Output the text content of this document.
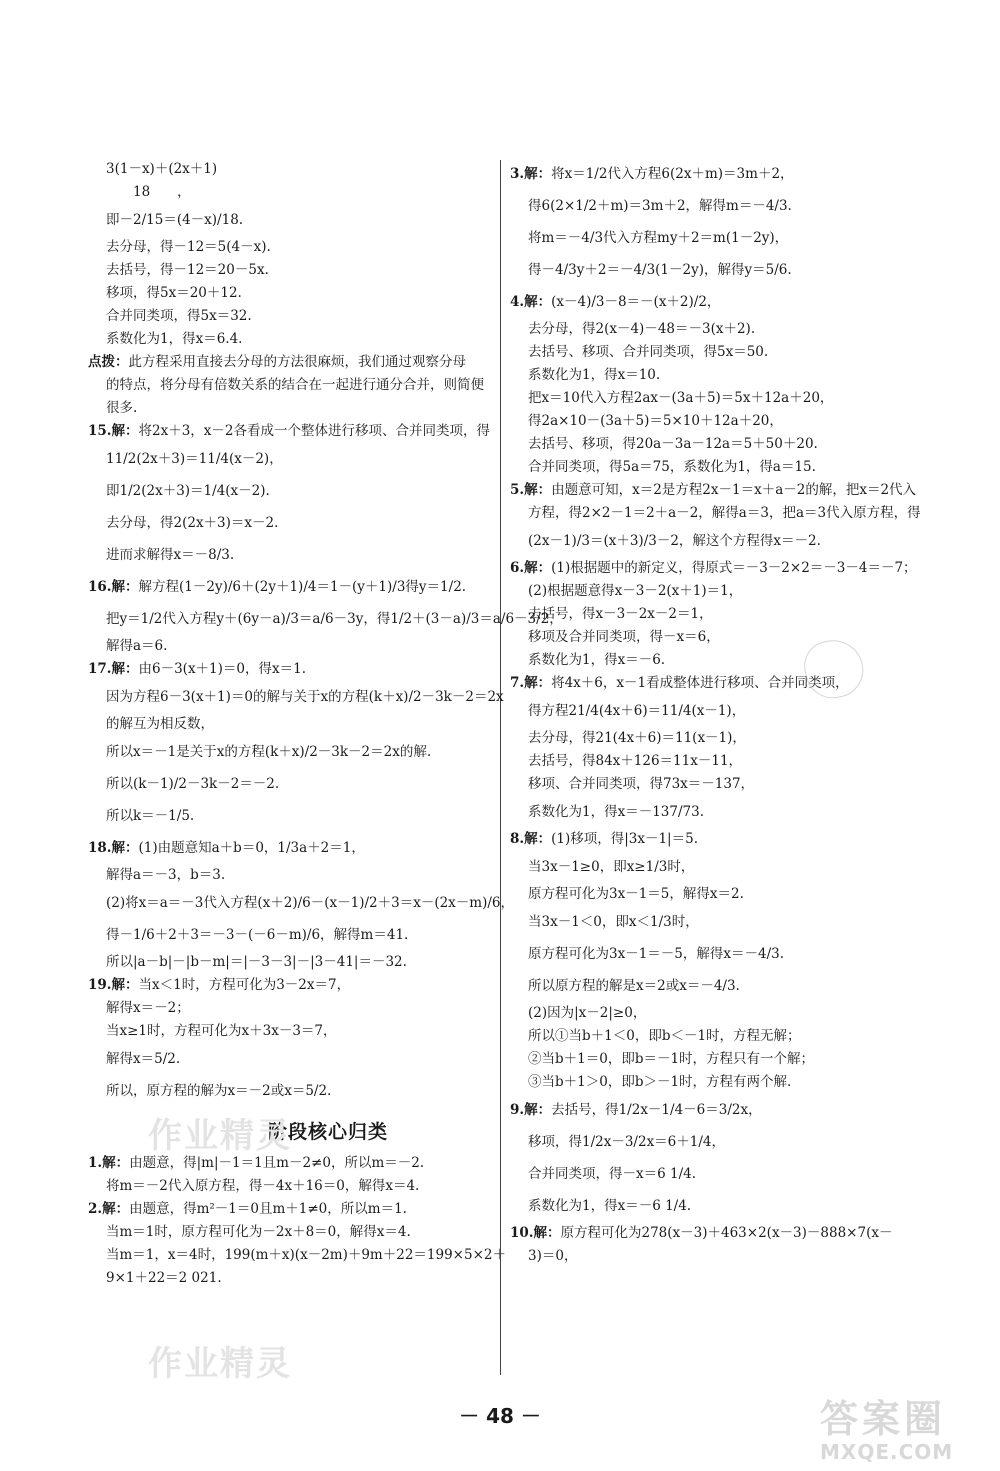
3(1－x)＋(2x＋1)
　　18　　，
即－2/15＝(4－x)/18.
去分母，得－12＝5(4－x).
去括号，得－12＝20－5x.
移项，得5x＝20＋12.
合并同类项，得5x＝32.
系数化为1，得x＝6.4.
点拨：此方程采用直接去分母的方法很麻烦，我们通过观察分母
的特点，将分母有倍数关系的结合在一起进行通分合并，则简便
很多.
15.解：将2x＋3，x－2各看成一个整体进行移项、合并同类项，得
11/2(2x＋3)＝11/4(x－2)，
即1/2(2x＋3)＝1/4(x－2).
去分母，得2(2x＋3)＝x－2.
进而求解得x＝－8/3.
16.解：解方程(1－2y)/6＋(2y＋1)/4＝1－(y＋1)/3得y＝1/2.
把y＝1/2代入方程y＋(6y－a)/3＝a/6－3y，得1/2＋(3－a)/3＝a/6－3/2，
解得a＝6.
17.解：由6－3(x＋1)＝0，得x＝1.
因为方程6－3(x＋1)＝0的解与关于x的方程(k＋x)/2－3k－2＝2x
的解互为相反数，
所以x＝－1是关于x的方程(k＋x)/2－3k－2＝2x的解.
所以(k－1)/2－3k－2＝－2.
所以k＝－1/5.
18.解：(1)由题意知a＋b＝0，1/3a＋2＝1，
解得a＝－3，b＝3.
(2)将x＝a＝－3代入方程(x＋2)/6－(x－1)/2＋3＝x－(2x－m)/6，
得－1/6＋2＋3＝－3－(－6－m)/6，解得m＝41.
所以|a－b|－|b－m|＝|－3－3|－|3－41|＝－32.
19.解：当x＜1时，方程可化为3－2x＝7，
解得x＝－2；
当x≥1时，方程可化为x＋3x－3＝7，
解得x＝5/2.
所以，原方程的解为x＝－2或x＝5/2.
阶段核心归类
1.解：由题意，得|m|－1＝1且m－2≠0，所以m＝－2.
将m＝－2代入原方程，得－4x＋16＝0，解得x＝4.
2.解：由题意，得m²－1＝0且m＋1≠0，所以m＝1.
当m＝1时，原方程可化为－2x＋8＝0，解得x＝4.
当m＝1，x＝4时，199(m＋x)(x－2m)＋9m＋22＝199×5×2＋
9×1＋22＝2 021.
3.解：将x＝1/2代入方程6(2x＋m)＝3m＋2，
得6(2×1/2＋m)＝3m＋2，解得m＝－4/3.
将m＝－4/3代入方程my＋2＝m(1－2y)，
得－4/3y＋2＝－4/3(1－2y)，解得y＝5/6.
4.解：(x－4)/3－8＝－(x＋2)/2，
去分母，得2(x－4)－48＝－3(x＋2).
去括号、移项、合并同类项，得5x＝50.
系数化为1，得x＝10.
把x＝10代入方程2ax－(3a＋5)＝5x＋12a＋20，
得2a×10－(3a＋5)＝5×10＋12a＋20，
去括号、移项，得20a－3a－12a＝5＋50＋20.
合并同类项，得5a＝75，系数化为1，得a＝15.
5.解：由题意可知，x＝2是方程2x－1＝x＋a－2的解，把x＝2代入
方程，得2×2－1＝2＋a－2，解得a＝3，把a＝3代入原方程，得
(2x－1)/3＝(x＋3)/3－2，解这个方程得x＝－2.
6.解：(1)根据题中的新定义，得原式＝－3－2×2＝－3－4＝－7；
(2)根据题意得x－3－2(x＋1)＝1，
去括号，得x－3－2x－2＝1，
移项及合并同类项，得－x＝6，
系数化为1，得x＝－6.
7.解：将4x＋6，x－1看成整体进行移项、合并同类项，
得方程21/4(4x＋6)＝11/4(x－1)，
去分母，得21(4x＋6)＝11(x－1)，
去括号，得84x＋126＝11x－11，
移项、合并同类项，得73x＝－137，
系数化为1，得x＝－137/73.
8.解：(1)移项，得|3x－1|＝5.
当3x－1≥0，即x≥1/3时，
原方程可化为3x－1＝5，解得x＝2.
当3x－1＜0，即x＜1/3时，
原方程可化为3x－1＝－5，解得x＝－4/3.
所以原方程的解是x＝2或x＝－4/3.
(2)因为|x－2|≥0，
所以①当b＋1＜0，即b＜－1时，方程无解；
②当b＋1＝0，即b＝－1时，方程只有一个解；
③当b＋1＞0，即b＞－1时，方程有两个解.
9.解：去括号，得1/2x－1/4－6＝3/2x，
移项，得1/2x－3/2x＝6＋1/4，
合并同类项，得－x＝6 1/4.
系数化为1，得x＝－6 1/4.
10.解：原方程可化为278(x－3)＋463×2(x－3)－888×7(x－
3)＝0，
作业精灵
作业精灵
－ 48 －	答案圈
MXQE.COM
